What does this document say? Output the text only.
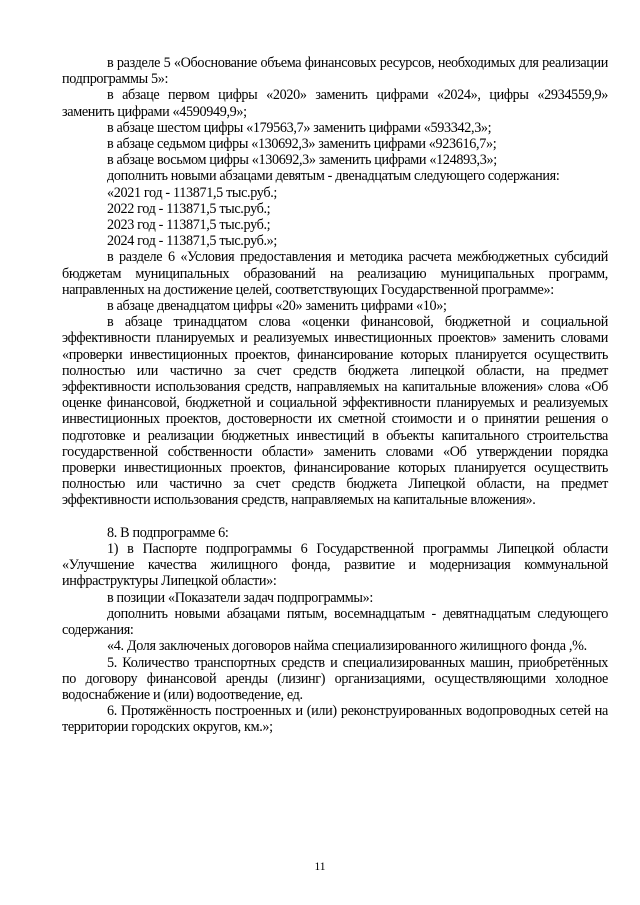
в разделе 5 «Обоснование объема финансовых ресурсов, необходимых для реализации подпрограммы 5»:

в абзаце первом цифры «2020» заменить цифрами «2024», цифры «2934559,9» заменить цифрами «4590949,9»;

в абзаце шестом цифры «179563,7» заменить цифрами «593342,3»;

в абзаце седьмом цифры «130692,3» заменить цифрами «923616,7»;

в абзаце восьмом цифры «130692,3» заменить цифрами «124893,3»;

дополнить новыми абзацами девятым - двенадцатым следующего содержания:

«2021 год - 113871,5 тыс.руб.;

2022 год - 113871,5 тыс.руб.;

2023 год - 113871,5 тыс.руб.;

2024 год - 113871,5 тыс.руб.»;

в разделе 6 «Условия предоставления и методика расчета межбюджетных субсидий бюджетам муниципальных образований на реализацию муниципальных программ, направленных на достижение целей, соответствующих Государственной программе»:

в абзаце двенадцатом цифры «20» заменить цифрами «10»;

в абзаце тринадцатом слова «оценки финансовой, бюджетной и социальной эффективности планируемых и реализуемых инвестиционных проектов» заменить словами «проверки инвестиционных проектов, финансирование которых планируется осуществить полностью или частично за счет средств бюджета липецкой области, на предмет эффективности использования средств, направляемых на капитальные вложения» слова «Об оценке финансовой, бюджетной и социальной эффективности планируемых и реализуемых инвестиционных проектов, достоверности их сметной стоимости и о принятии решения о подготовке и реализации бюджетных инвестиций в объекты капитального строительства государственной собственности области» заменить словами «Об утверждении порядка проверки инвестиционных проектов, финансирование которых планируется осуществить полностью или частично за счет средств бюджета Липецкой области, на предмет эффективности использования средств, направляемых на капитальные вложения».

8. В подпрограмме 6:

1) в Паспорте подпрограммы 6 Государственной программы Липецкой области «Улучшение качества жилищного фонда, развитие и модернизация коммунальной инфраструктуры Липецкой области»:

в позиции «Показатели задач подпрограммы»:

дополнить новыми абзацами пятым, восемнадцатым - девятнадцатым следующего содержания:

«4. Доля заключеных договоров найма специализированного жилищного фонда ,%.

5. Количество транспортных средств и специализированных машин, приобретённых по договору финансовой аренды (лизинг) организациями, осуществляющими холодное водоснабжение и (или) водоотведение, ед.

6. Протяжённость построенных и (или) реконструированных водопроводных сетей на территории городских округов, км.»;

11
